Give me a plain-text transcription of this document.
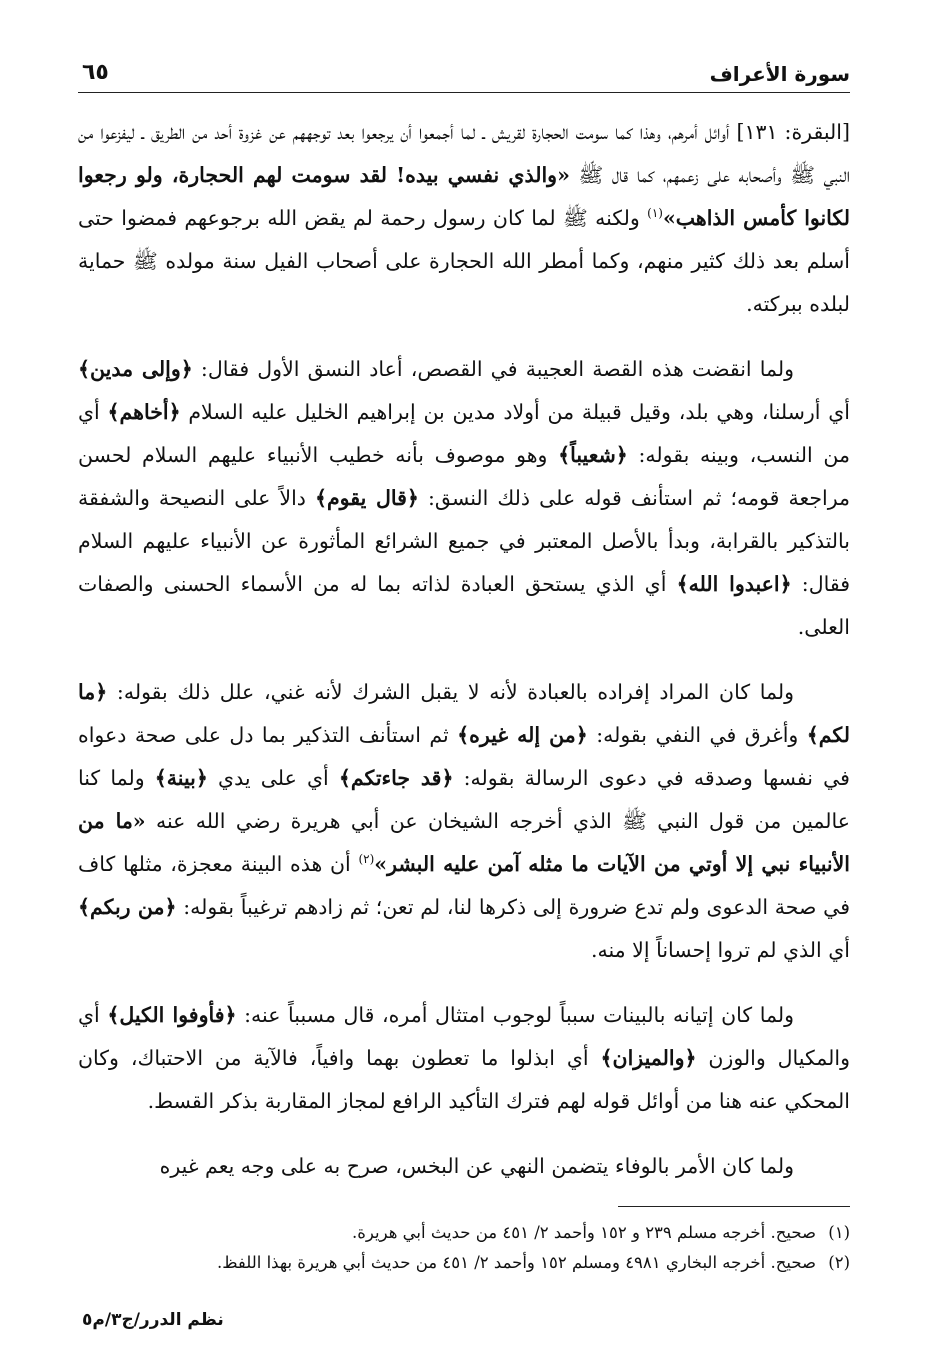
سورة الأعراف
٦٥

[البقرة: ١٣١] أوائل أمرهم، وهذا كما سومت الحجارة لقريش ـ لما أجمعوا أن يرجعوا بعد توجههم عن غزوة أحد من الطريق ـ ليفزعوا من النبي ﷺ وأصحابه على زعمهم، كما قال ﷺ «والذي نفسي بيده! لقد سومت لهم الحجارة، ولو رجعوا لكانوا كأمس الذاهب»$^{(١)}$ ولكنه ﷺ لما كان رسول رحمة لم يقض الله برجوعهم فمضوا حتى أسلم بعد ذلك كثير منهم، وكما أمطر الله الحجارة على أصحاب الفيل سنة مولده ﷺ حماية لبلده ببركته.

ولما انقضت هذه القصة العجيبة في القصص، أعاد النسق الأول فقال: ﴿وإلى مدين﴾ أي أرسلنا، وهي بلد، وقيل قبيلة من أولاد مدين بن إبراهيم الخليل عليه السلام ﴿أخاهم﴾ أي من النسب، وبينه بقوله: ﴿شعيباً﴾ وهو موصوف بأنه خطيب الأنبياء عليهم السلام لحسن مراجعة قومه؛ ثم استأنف قوله على ذلك النسق: ﴿قال يقوم﴾ دالاً على النصيحة والشفقة بالتذكير بالقرابة، وبدأ بالأصل المعتبر في جميع الشرائع المأثورة عن الأنبياء عليهم السلام فقال: ﴿اعبدوا الله﴾ أي الذي يستحق العبادة لذاته بما له من الأسماء الحسنى والصفات العلى.

ولما كان المراد إفراده بالعبادة لأنه لا يقبل الشرك لأنه غني، علل ذلك بقوله: ﴿ما لكم﴾ وأغرق في النفي بقوله: ﴿من إله غيره﴾ ثم استأنف التذكير بما دل على صحة دعواه في نفسها وصدقه في دعوى الرسالة بقوله: ﴿قد جاءتكم﴾ أي على يدي ﴿بينة﴾ ولما كنا عالمين من قول النبي ﷺ الذي أخرجه الشيخان عن أبي هريرة رضي الله عنه «ما من الأنبياء نبي إلا أوتي من الآيات ما مثله آمن عليه البشر»$^{(٢)}$ أن هذه البينة معجزة، مثلها كاف في صحة الدعوى ولم تدع ضرورة إلى ذكرها لنا، لم تعن؛ ثم زادهم ترغيباً بقوله: ﴿من ربكم﴾ أي الذي لم تروا إحساناً إلا منه.

ولما كان إتيانه بالبينات سبباً لوجوب امتثال أمره، قال مسبباً عنه: ﴿فأوفوا الكيل﴾ أي والمكيال والوزن ﴿والميزان﴾ أي ابذلوا ما تعطون بهما وافياً، فالآية من الاحتباك، وكان المحكي عنه هنا من أوائل قوله لهم فترك التأكيد الرافع لمجاز المقاربة بذكر القسط.

ولما كان الأمر بالوفاء يتضمن النهي عن البخس، صرح به على وجه يعم غيره

(١)صحيح. أخرجه مسلم ٢٣٩ و ١٥٢ وأحمد ٢/ ٤٥١ من حديث أبي هريرة.

(٢)صحيح. أخرجه البخاري ٤٩٨١ ومسلم ١٥٢ وأحمد ٢/ ٤٥١ من حديث أبي هريرة بهذا اللفظ.

نظم الدرر/ج٣/م٥
